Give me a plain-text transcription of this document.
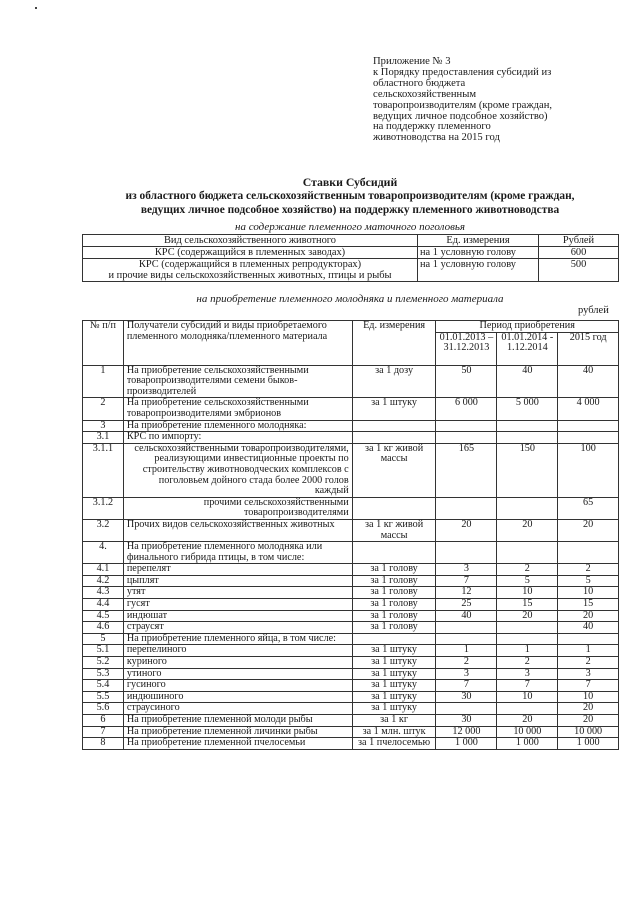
Приложение № 3
к Порядку предоставления субсидий из
областного бюджета
сельскохозяйственным
товаропроизводителям (кроме граждан,
ведущих личное подсобное хозяйство)
на поддержку племенного
животноводства на 2015 год
Ставки Субсидий
из областного бюджета сельскохозяйственным товаропроизводителям (кроме граждан,
ведущих личное подсобное хозяйство) на поддержку племенного животноводства
на содержание племенного маточного поголовья
Вид сельскохозяйственного животного	Ед. измерения	Рублей
КРС (содержащийся в племенных заводах)	на 1 условную голову	600

КРС (содержащийся в племенных репродукторах)
и прочие виды сельскохозяйственных животных, птицы и рыбы	на 1 условную голову	500
на приобретение племенного молодняка и племенного материала
рублей
№ п/п	Получатели субсидий и виды приобретаемого племенного молодняка/племенного материала	Ед. измерения	Период приобретения		
			01.01.2013 – 31.12.2013	01.01.2014 - 1.12.2014	2015 год
1	На приобретение сельскохозяйственными товаропроизводителями семени быков-производителей	за 1 дозу	50	40	40
2	На приобретение сельскохозяйственными товаропроизводителями эмбрионов	за 1 штуку	6 000	5 000	4 000
3	На приобретение племенного молодняка:				
3.1	КРС по импорту:				
3.1.1	сельскохозяйственными товаропроизводителями, реализующими инвестиционные проекты по строительству животноводческих комплексов с поголовьем дойного стада более 2000 голов каждый	за 1 кг живой массы	165	150	100
3.1.2	прочими сельскохозяйственными товаропроизводителями				65
3.2	Прочих видов сельскохозяйственных животных	за 1 кг живой массы	20	20	20
4.	На приобретение племенного молодняка или финального гибрида птицы, в том числе:				
4.1	перепелят	за 1 голову	3	2	2
4.2	цыплят	за 1 голову	7	5	5
4.3	утят	за 1 голову	12	10	10
4.4	гусят	за 1 голову	25	15	15
4.5	индюшат	за 1 голову	40	20	20
4.6	страусят	за 1 голову			40
5	На приобретение племенного яйца, в том числе:				
5.1	перепелиного	за 1 штуку	1	1	1
5.2	куриного	за 1 штуку	2	2	2
5.3	утиного	за 1 штуку	3	3	3
5.4	гусиного	за 1 штуку	7	7	7
5.5	индюшиного	за 1 штуку	30	10	10
5.6	страусиного	за 1 штуку			20
6	На приобретение племенной молоди рыбы	за 1 кг	30	20	20
7	На приобретение племенной личинки рыбы	за 1 млн. штук	12 000	10 000	10 000
8	На приобретение племенной пчелосемьи	за 1 пчелосемью	1 000	1 000	1 000
